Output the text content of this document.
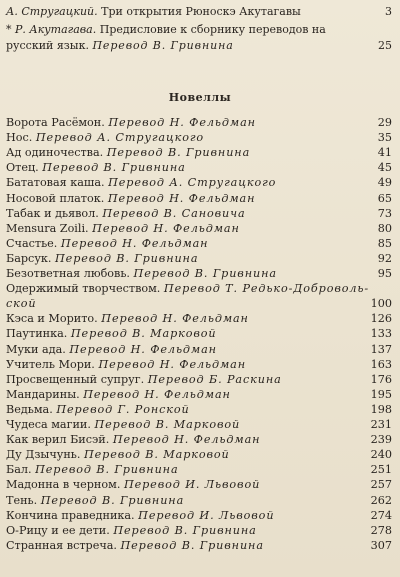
А. Стругацкий. Три открытия Рюноскэ Акутагавы	3
* Р. Акутагава. Предисловие к сборнику переводов на
русский язык. Перевод В. Гривнина	25
Новеллы
Ворота Расёмон. Перевод Н. Фельдман	29
Нос. Перевод А. Стругацкого	35
Ад одиночества. Перевод В. Гривнина	41
Отец. Перевод В. Гривнина	45
Бататовая каша. Перевод А. Стругацкого	49
Носовой платок. Перевод Н. Фельдман	65
Табак и дьявол. Перевод В. Сановича	73
Mensura Zoili. Перевод Н. Фельдман	80
Счастье. Перевод Н. Фельдман	85
Барсук. Перевод В. Гривнина	92
Безответная любовь. Перевод В. Гривнина	95
Одержимый творчеством. Перевод Т. Редько-Доброволь-
ской	100
Кэса и Морито. Перевод Н. Фельдман	126
Паутинка. Перевод В. Марковой	133
Муки ада. Перевод Н. Фельдман	137
Учитель Мори. Перевод Н. Фельдман	163
Просвещенный супруг. Перевод Б. Раскина	176
Мандарины. Перевод Н. Фельдман	195
Ведьма. Перевод Г. Ронской	198
Чудеса магии. Перевод В. Марковой	231
Как верил Бисэй. Перевод Н. Фельдман	239
Ду Дзычунь. Перевод В. Марковой	240
Бал. Перевод В. Гривнина	251
Мадонна в черном. Перевод И. Львовой	257
Тень. Перевод В. Гривнина	262
Кончина праведника. Перевод И. Львовой	274
О-Рицу и ее дети. Перевод В. Гривнина	278
Странная встреча. Перевод В. Гривнина	307
